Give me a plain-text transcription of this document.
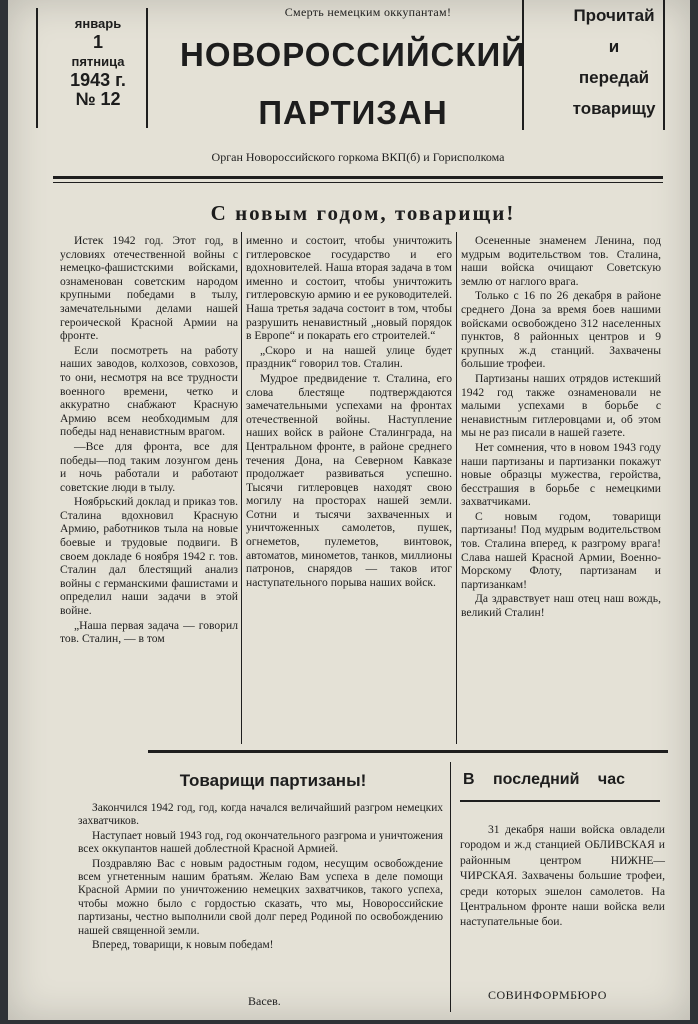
январь
1
пятница
1943 г.
№ 12
Смерть немецким оккупантам!
НОВОРОССИЙСКИЙ
ПАРТИЗАН
Прочитай
и
передай
товарищу
Орган Новороссийского горкома ВКП(б) и Горисполкома
С новым годом, товарищи!

Истек 1942 год. Этот год, в условиях отечественной войны с немецко-фашистскими войсками, ознаменован советским народом крупными победами в тылу, замечательными делами нашей героической Красной Армии на фронте.

Если посмотреть на работу наших заводов, колхозов, совхозов, то они, несмотря на все трудности военного времени, четко и аккуратно снабжают Красную Армию всем необходимым для победы над ненавистным врагом.

—Все для фронта, все для победы—под таким лозунгом день и ночь работали и работают советские люди в тылу.

Ноябрьский доклад и приказ тов. Сталина вдохновил Красную Армию, работников тыла на новые боевые и трудовые подвиги. В своем докладе 6 ноября 1942 г. тов. Сталин дал блестящий анализ войны с германскими фашистами и определил наши задачи в этой войне.

„Наша первая задача — говорил тов. Сталин, — в том

именно и состоит, чтобы уничтожить гитлеровское государство и его вдохновителей. Наша вторая задача в том именно и состоит, чтобы уничтожить гитлеровскую армию и ее руководителей. Наша третья задача состоит в том, чтобы разрушить ненавистный „новый порядок в Европе“ и покарать его строителей.“

„Скоро и на нашей улице будет праздник“ говорил тов. Сталин.

Мудрое предвидение т. Сталина, его слова блестяще подтверждаются замечательными успехами на фронтах отечественной войны. Наступление наших войск в районе Сталинграда, на Центральном фронте, в районе среднего течения Дона, на Северном Кавказе продолжает развиваться успешно. Тысячи гитлеровцев находят свою могилу на просторах нашей земли. Сотни и тысячи захваченных и уничтоженных самолетов, пушек, огнеметов, пулеметов, винтовок, автоматов, минометов, танков, миллионы патронов, снарядов — таков итог наступательного порыва наших войск.

Осененные знаменем Ленина, под мудрым водительством тов. Сталина, наши войска очищают Советскую землю от наглого врага.

Только с 16 по 26 декабря в районе среднего Дона за время боев нашими войсками освобождено 312 населенных пунктов, 8 районных центров и 9 крупных ж.д станций. Захвачены большие трофеи.

Партизаны наших отрядов истекший 1942 год также ознаменовали не малыми успехами в борьбе с ненавистным гитлеровцами и, об этом мы не раз писали в нашей газете.

Нет сомнения, что в новом 1943 году наши партизаны и партизанки покажут новые образцы мужества, геройства, бесстрашия в борьбе с немецкими захватчиками.

С новым годом, товарищи партизаны! Под мудрым водительством тов. Сталина вперед, к разгрому врага! Слава нашей Красной Армии, Военно-Морскому Флоту, партизанам и партизанкам!

Да здравствует наш отец наш вождь, великий Сталин!

Товарищи партизаны!

Закончился 1942 год, год, когда начался величайший разгром немецких захватчиков.

Наступает новый 1943 год, год окончательного разгрома и уничтожения всех оккупантов нашей доблестной Красной Армией.

Поздравляю Вас с новым радостным годом, несущим освобождение всем угнетенным нашим братьям. Желаю Вам успеха в деле помощи Красной Армии по уничтожению немецких захватчиков, такого успеха, чтобы можно было с гордостью сказать, что мы, Новороссийские партизаны, честно выполнили свой долг перед Родиной по освобождению нашей священной земли.

Вперед, товарищи, к новым победам!

Васев.
В последний час

31 декабря наши войска овладели городом и ж.д станцией ОБЛИВСКАЯ и районным центром НИЖНЕ—ЧИРСКАЯ. Захвачены большие трофеи, среди которых эшелон самолетов. На Центральном фронте наши войска вели наступательные бои.

СОВИНФОРМБЮРО
